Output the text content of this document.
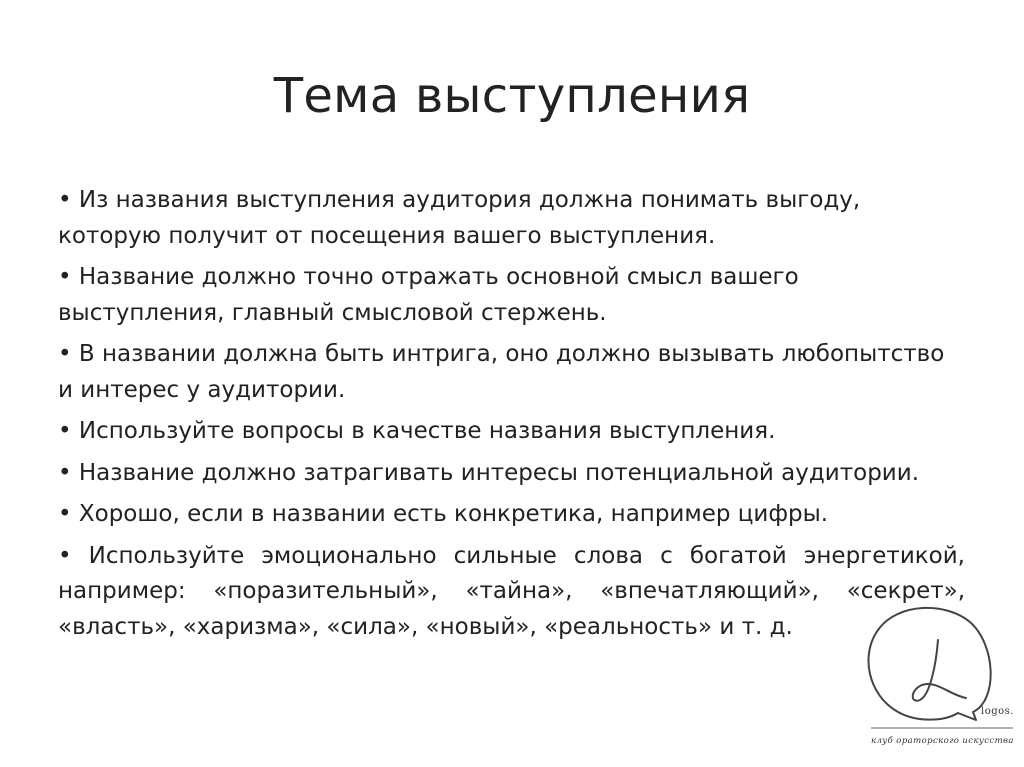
Тема выступления
• Из названия выступления аудитория должна понимать выгоду, которую получит от посещения вашего выступления.
• Название должно точно отражать основной смысл вашего выступления, главный смысловой стержень.
• В названии должна быть интрига, оно должно вызывать любопытство и интерес у аудитории.
• Используйте вопросы в качестве названия выступления.
• Название должно затрагивать интересы потенциальной аудитории.
• Хорошо, если в названии есть конкретика, например цифры.
• Используйте эмоционально сильные слова с богатой энергетикой, например: «поразительный», «тайна», «впечатляющий», «секрет», «власть», «харизма», «сила», «новый», «реальность» и т. д.
logos.
клуб ораторского искусства
